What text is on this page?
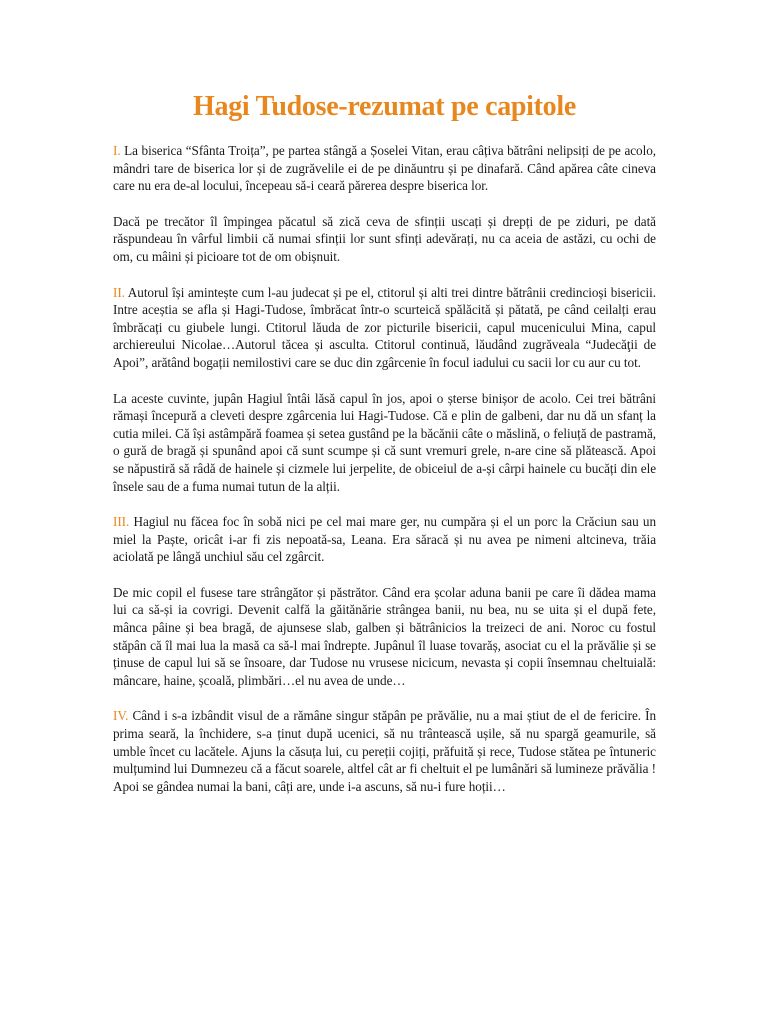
Hagi Tudose-rezumat pe capitole

I. La biserica “Sfânta Troița”, pe partea stângă a Șoselei Vitan, erau câțiva bătrâni nelipsiți de pe acolo, mândri tare de biserica lor și de zugrăvelile ei de pe dinăuntru și pe dinafară. Când apărea câte cineva care nu era de-al locului, începeau să-i ceară părerea despre biserica lor.

Dacă pe trecător îl împingea păcatul să zică ceva de sfinții uscați și drepți de pe ziduri, pe dată răspundeau în vârful limbii că numai sfinții lor sunt sfinți adevărați, nu ca aceia de astăzi, cu ochi de om, cu mâini și picioare tot de om obișnuit.

II. Autorul își amintește cum l-au judecat și pe el, ctitorul și alti trei dintre bătrânii credincioși bisericii. Intre aceștia se afla și Hagi-Tudose, îmbrăcat într-o scurteică spălăcită și pătată, pe când ceilalți erau îmbrăcați cu giubele lungi. Ctitorul lăuda de zor picturile bisericii, capul mucenicului Mina, capul archiereului Nicolae…Autorul tăcea și asculta. Ctitorul continuă, lăudând zugrăveala “Judecăţii de Apoi”, arătând bogații nemilostivi care se duc din zgârcenie în focul iadului cu sacii lor cu aur cu tot.

La aceste cuvinte, jupân Hagiul întâi lăsă capul în jos, apoi o șterse binișor de acolo. Cei trei bătrâni rămași începură a cleveti despre zgârcenia lui Hagi-Tudose. Că e plin de galbeni, dar nu dă un sfanț la cutia milei. Că își astâmpără foamea și setea gustând pe la băcănii câte o măslină, o feliuță de pastramă, o gură de bragă și spunând apoi că sunt scumpe și că sunt vremuri grele, n-are cine să plătească. Apoi se năpustiră să râdă de hainele și cizmele lui jerpelite, de obiceiul de a-și cârpi hainele cu bucăți din ele însele sau de a fuma numai tutun de la alții.

III. Hagiul nu făcea foc în sobă nici pe cel mai mare ger, nu cumpăra și el un porc la Crăciun sau un miel la Paște, oricât i-ar fi zis nepoată-sa, Leana. Era săracă și nu avea pe nimeni altcineva, trăia aciolată pe lângă unchiul său cel zgârcit.

De mic copil el fusese tare strângător și păstrător. Când era școlar aduna banii pe care îi dădea mama lui ca să-și ia covrigi. Devenit calfă la găitănărie strângea banii, nu bea, nu se uita și el după fete, mânca pâine și bea bragă, de ajunsese slab, galben și bătrânicios la treizeci de ani. Noroc cu fostul stăpân că îl mai lua la masă ca să-l mai îndrepte. Jupânul îl luase tovarăș, asociat cu el la prăvălie și se ținuse de capul lui să se însoare, dar Tudose nu vrusese nicicum, nevasta și copii însemnau cheltuială: mâncare, haine, școală, plimbări…el nu avea de unde…

IV. Când i s-a izbândit visul de a rămâne singur stăpân pe prăvălie, nu a mai știut de el de fericire. În prima seară, la închidere, s-a ținut după ucenici, să nu trântească ușile, să nu spargă geamurile, să umble încet cu lacătele. Ajuns la căsuța lui, cu pereții cojiți, prăfuită și rece, Tudose stătea pe întuneric mulțumind lui Dumnezeu că a făcut soarele, altfel cât ar fi cheltuit el pe lumânări să lumineze prăvălia ! Apoi se gândea numai la bani, câți are, unde i-a ascuns, să nu-i fure hoții…
